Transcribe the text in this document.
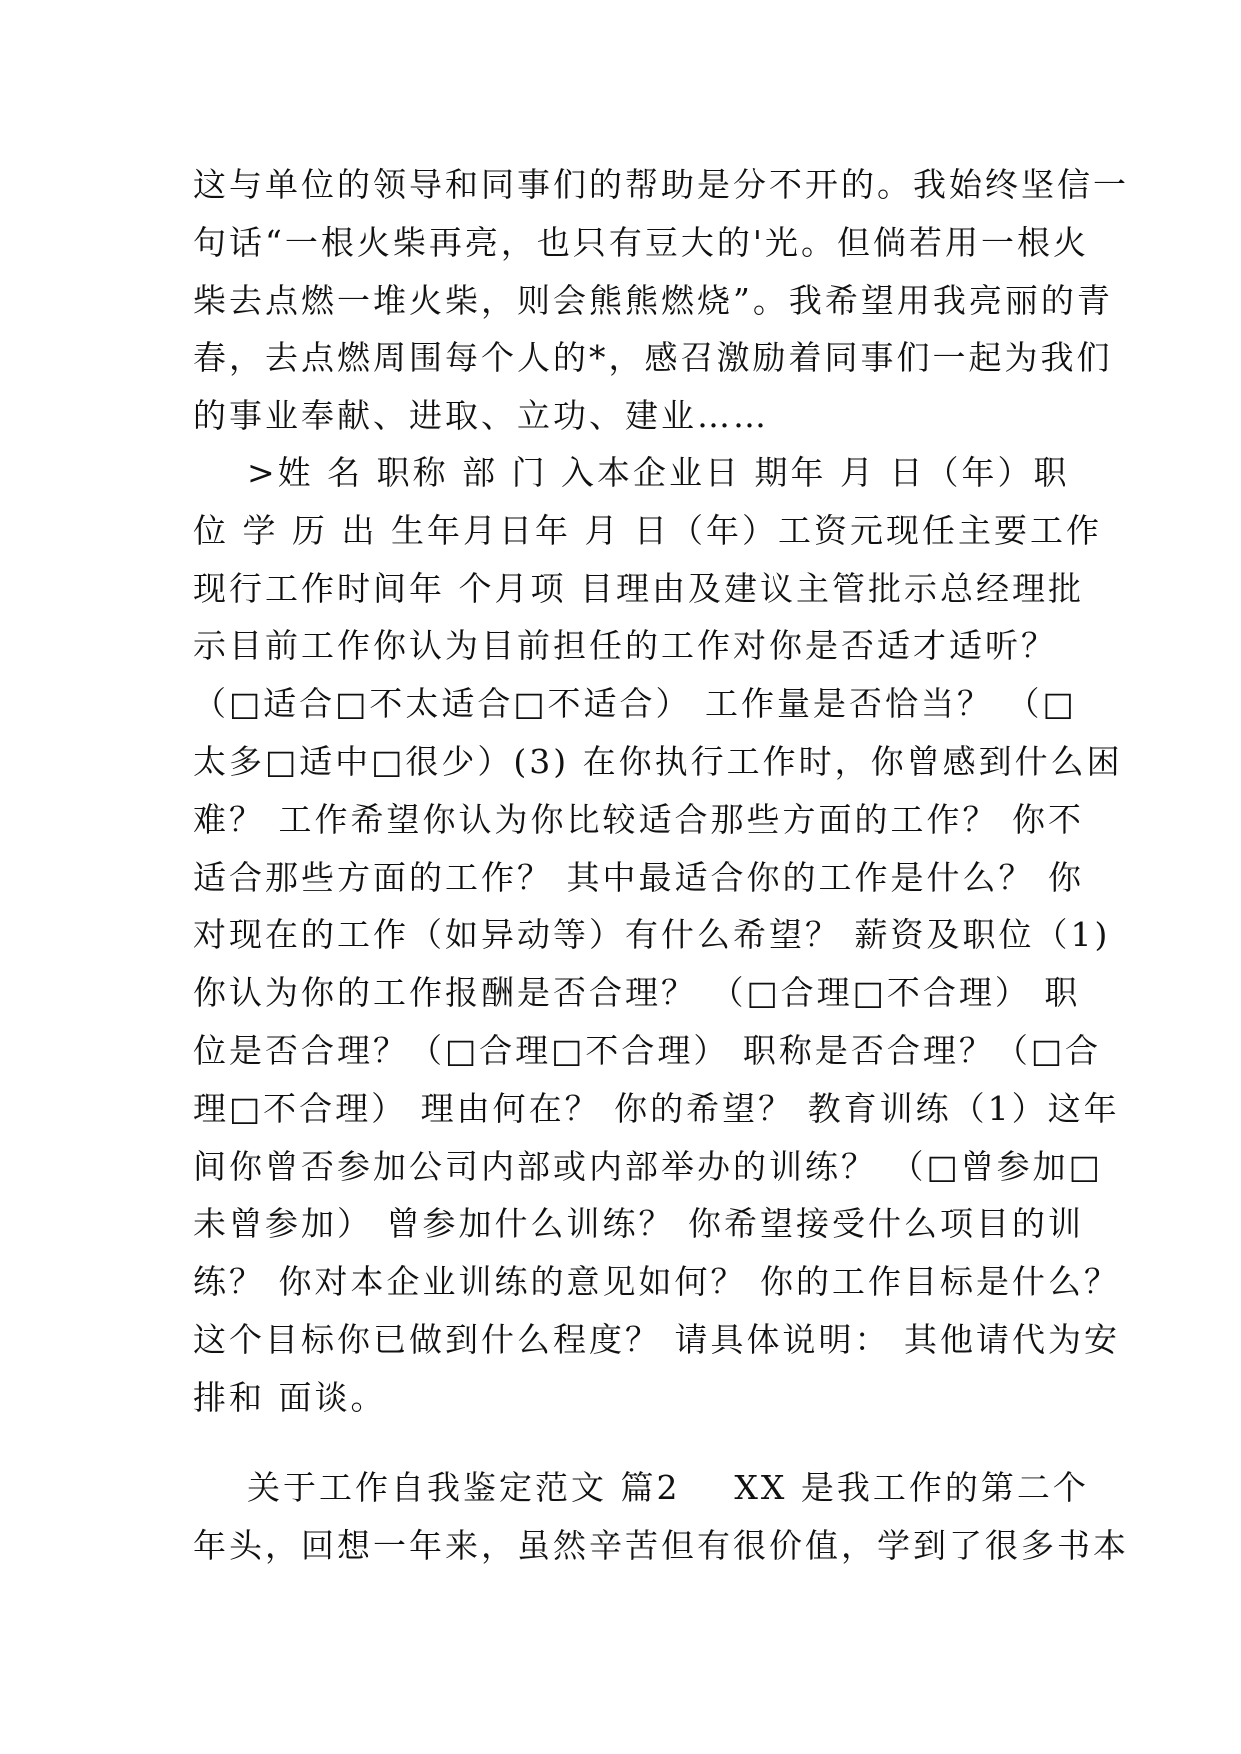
这与单位的领导和同事们的帮助是分不开的。我始终坚信一
句话“一根火柴再亮，也只有豆大的'光。但倘若用一根火
柴去点燃一堆火柴，则会熊熊燃烧”。我希望用我亮丽的青
春，去点燃周围每个人的*，感召激励着同事们一起为我们
的事业奉献、进取、立功、建业……
>姓 名 职称 部 门 入本企业日 期年 月 日（年）职
位 学 历 出 生年月日年 月 日（年）工资元现任主要工作
现行工作时间年 个月项 目理由及建议主管批示总经理批
示目前工作你认为目前担任的工作对你是否适才适听？
（□适合□不太适合□不适合） 工作量是否恰当？ （□
太多□适中□很少）(3) 在你执行工作时，你曾感到什么困
难？ 工作希望你认为你比较适合那些方面的工作？ 你不
适合那些方面的工作？ 其中最适合你的工作是什么？ 你
对现在的工作（如异动等）有什么希望？ 薪资及职位（1)
你认为你的工作报酬是否合理？ （□合理□不合理） 职
位是否合理？（□合理□不合理） 职称是否合理？（□合
理□不合理） 理由何在？ 你的希望？ 教育训练（1）这年
间你曾否参加公司内部或内部举办的训练？ （□曾参加□
未曾参加） 曾参加什么训练？ 你希望接受什么项目的训
练？ 你对本企业训练的意见如何？ 你的工作目标是什么？
这个目标你已做到什么程度？ 请具体说明： 其他请代为安
排和 面谈。
关于工作自我鉴定范文 篇2    XX 是我工作的第二个
年头，回想一年来，虽然辛苦但有很价值，学到了很多书本
